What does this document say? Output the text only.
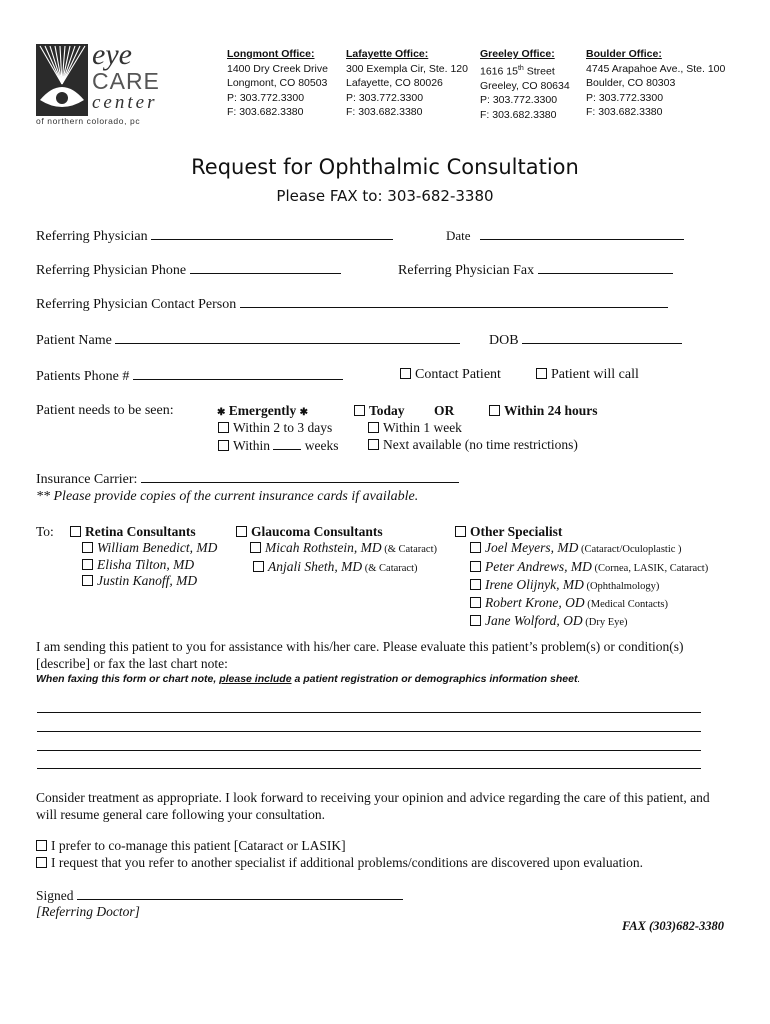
eye
CARE
center
of northern colorado, pc
Longmont Office:
1400 Dry Creek Drive
Longmont, CO 80503
P: 303.772.3300
F: 303.682.3380
Lafayette Office:
300 Exempla Cir, Ste. 120
Lafayette, CO 80026
P: 303.772.3300
F: 303.682.3380
Greeley Office:
1616 15th Street
Greeley, CO 80634
P: 303.772.3300
F: 303.682.3380
Boulder Office:
4745 Arapahoe Ave., Ste. 100
Boulder, CO 80303
P: 303.772.3300
F: 303.682.3380
Request for Ophthalmic Consultation
Please FAX to: 303-682-3380
Referring Physician	Date
Referring Physician Phone	Referring Physician Fax
Referring Physician Contact Person
Patient Name	DOB
Patients Phone #	Contact Patient	Patient will call
Patient needs to be seen:	✱ Emergently ✱
Within 2 to 3 days
Within	weeks
Today OR	Within 24 hours
Within 1 week
Next available (no time restrictions)
Insurance Carrier:
** Please provide copies of the current insurance cards if available.
To:	Retina Consultants
William Benedict, MD
Elisha Tilton, MD
Justin Kanoff, MD
Glaucoma Consultants
Micah Rothstein, MD (& Cataract)
Anjali Sheth, MD (& Cataract)
Other Specialist
Joel Meyers, MD (Cataract/Oculoplastic )
Peter Andrews, MD (Cornea, LASIK, Cataract)
Irene Olijnyk, MD (Ophthalmology)
Robert Krone, OD (Medical Contacts)
Jane Wolford, OD (Dry Eye)
I am sending this patient to you for assistance with his/her care. Please evaluate this patient’s problem(s) or condition(s)
[describe] or fax the last chart note:
When faxing this form or chart note, please include a patient registration or demographics information sheet.
Consider treatment as appropriate. I look forward to receiving your opinion and advice regarding the care of this patient, and
will resume general care following your consultation.
I prefer to co-manage this patient [Cataract or LASIK]
I request that you refer to another specialist if additional problems/conditions are discovered upon evaluation.
Signed
[Referring Doctor]
FAX (303)682-3380
